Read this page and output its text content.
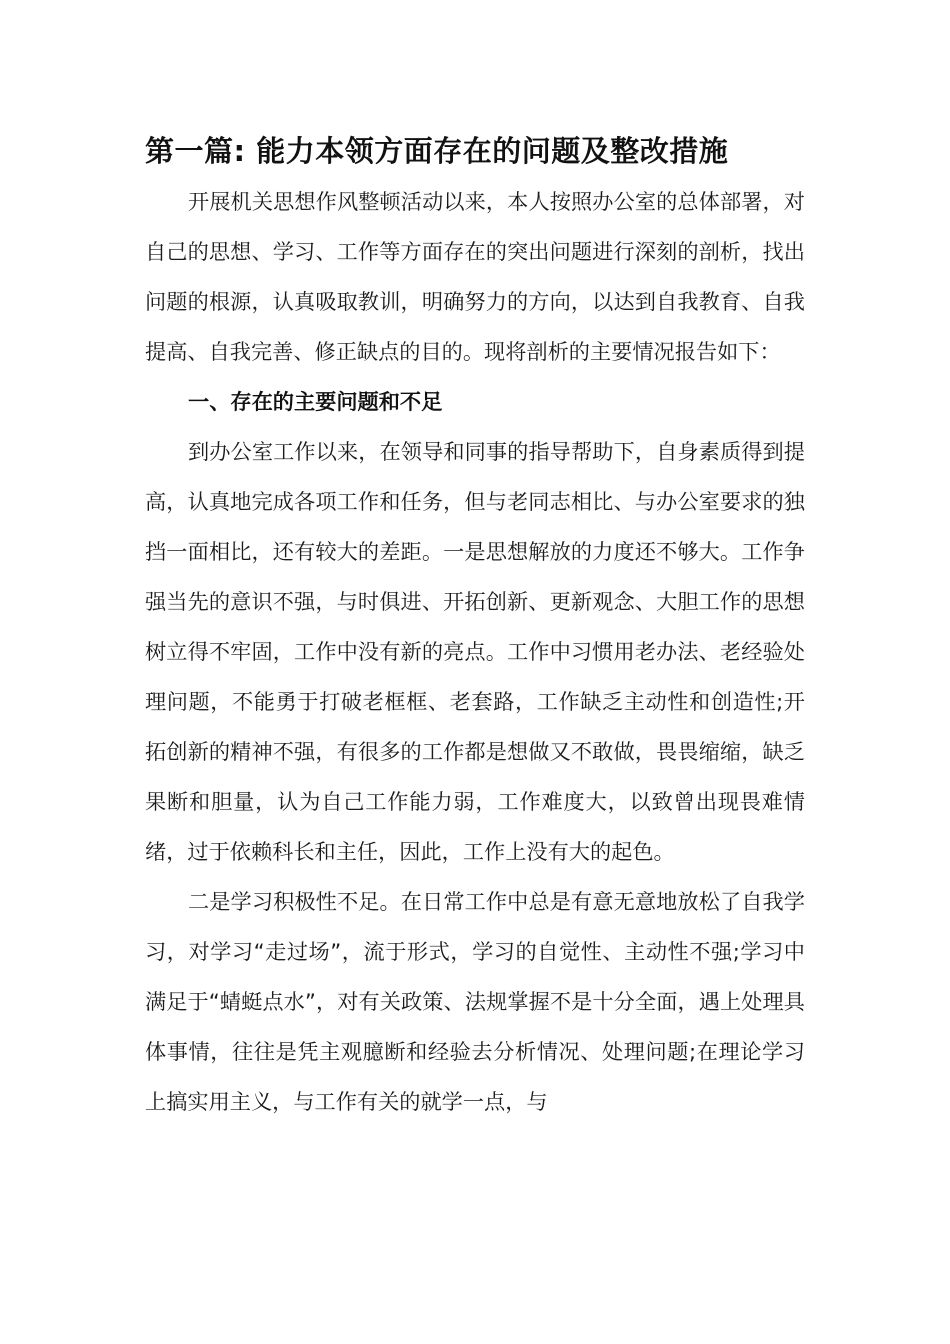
第一篇: 能力本领方面存在的问题及整改措施

开展机关思想作风整顿活动以来，本人按照办公室的总体部署，对自己的思想、学习、工作等方面存在的突出问题进行深刻的剖析，找出问题的根源，认真吸取教训，明确努力的方向，以达到自我教育、自我提高、自我完善、修正缺点的目的。现将剖析的主要情况报告如下：

一、存在的主要问题和不足

到办公室工作以来，在领导和同事的指导帮助下，自身素质得到提高，认真地完成各项工作和任务，但与老同志相比、与办公室要求的独挡一面相比，还有较大的差距。一是思想解放的力度还不够大。工作争强当先的意识不强，与时俱进、开拓创新、更新观念、大胆工作的思想树立得不牢固，工作中没有新的亮点。工作中习惯用老办法、老经验处理问题，不能勇于打破老框框、老套路，工作缺乏主动性和创造性;开拓创新的精神不强，有很多的工作都是想做又不敢做，畏畏缩缩，缺乏果断和胆量，认为自己工作能力弱，工作难度大，以致曾出现畏难情绪，过于依赖科长和主任，因此，工作上没有大的起色。

二是学习积极性不足。在日常工作中总是有意无意地放松了自我学习，对学习“走过场”，流于形式，学习的自觉性、主动性不强;学习中满足于“蜻蜓点水”，对有关政策、法规掌握不是十分全面，遇上处理具体事情，往往是凭主观臆断和经验去分析情况、处理问题;在理论学习上搞实用主义，与工作有关的就学一点，与
